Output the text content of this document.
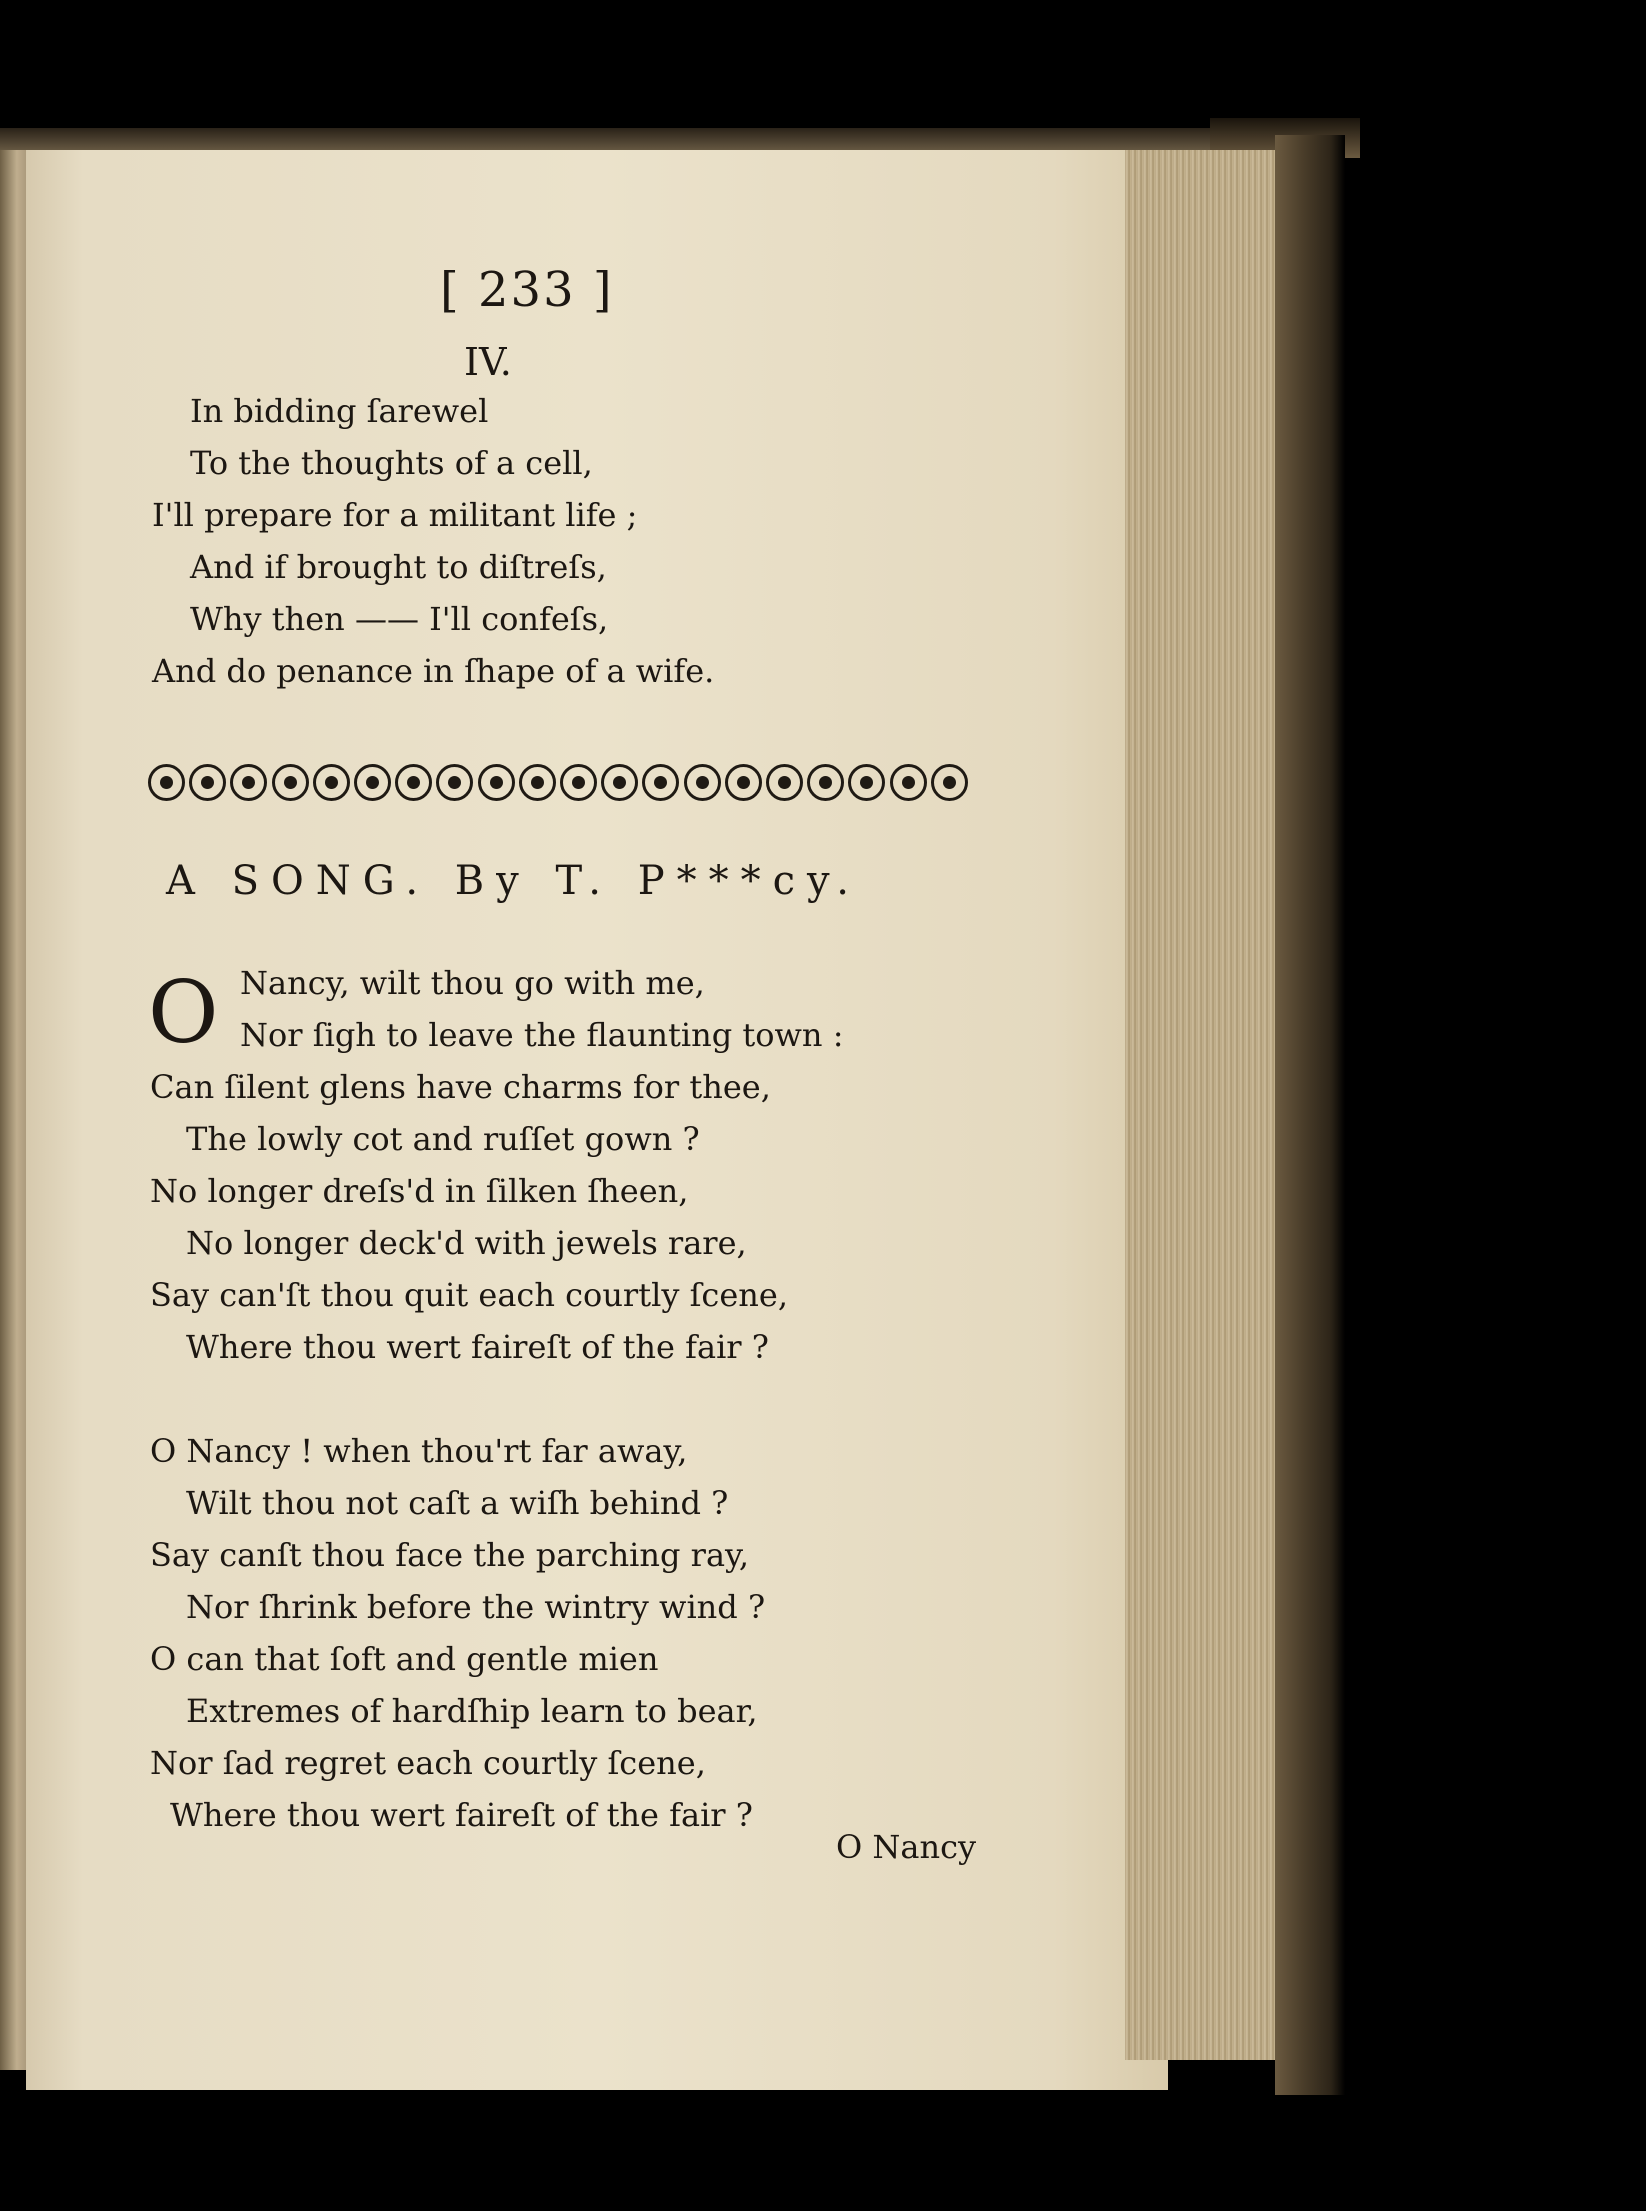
[ 233 ]
IV.
In bidding ſarewel
To the thoughts of a cell,
I'll prepare for a militant life ;
And if brought to diſtreſs,
Why then —— I'll confeſs,
And do penance in ſhape of a wife.
A SONG. By T. P***cy.
O Nancy, wilt thou go with me,
Nor ſigh to leave the flaunting town :
Can ſilent glens have charms for thee,
The lowly cot and ruſſet gown ?
No longer dreſs'd in ſilken ſheen,
No longer deck'd with jewels rare,
Say can'ſt thou quit each courtly ſcene,
Where thou wert faireſt of the fair ?
O Nancy ! when thou'rt far away,
Wilt thou not caſt a wiſh behind ?
Say canſt thou face the parching ray,
Nor ſhrink before the wintry wind ?
O can that ſoft and gentle mien
Extremes of hardſhip learn to bear,
Nor ſad regret each courtly ſcene,
Where thou wert faireſt of the fair ?
O Nancy
